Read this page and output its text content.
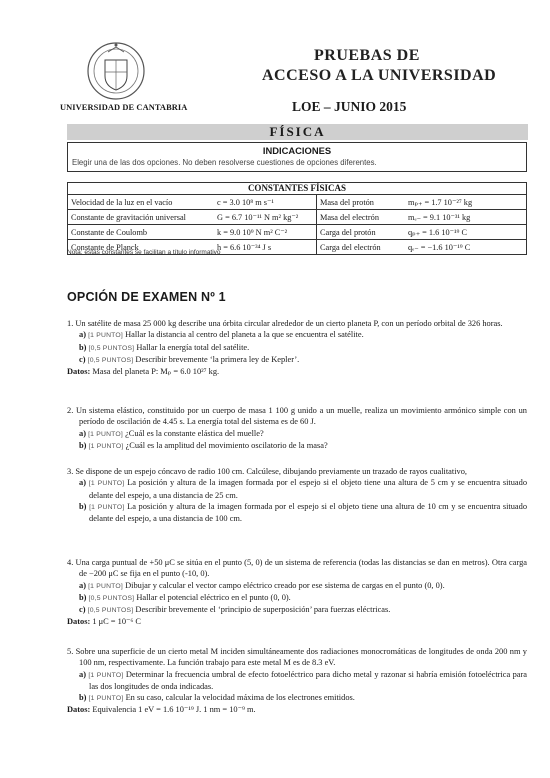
UNIVERSIDAD DE CANTABRIA
PRUEBAS DE
ACCESO A LA UNIVERSIDAD
LOE – JUNIO 2015
FÍSICA
INDICACIONES
Elegir una de las dos opciones. No deben resolverse cuestiones de opciones diferentes.
CONSTANTES FÍSICAS			
Velocidad de la luz en el vacío	c = 3.0 10⁸ m s⁻¹	Masa del protón	mₚ₊ = 1.7 10⁻²⁷ kg
Constante de gravitación universal	G = 6.7 10⁻¹¹ N m² kg⁻²	Masa del electrón	mₑ₋ = 9.1 10⁻³¹ kg
Constante de Coulomb	k = 9.0 10⁹ N m² C⁻²	Carga del protón	qₚ₊ = 1.6 10⁻¹⁹ C
Constante de Planck	h = 6.6 10⁻³⁴ J s	Carga del electrón	qₑ₋ = −1.6 10⁻¹⁹ C
Nota: estas constantes se facilitan a título informativo
OPCIÓN DE EXAMEN Nº 1

1. Un satélite de masa 25 000 kg describe una órbita circular alrededor de un cierto planeta P, con un período orbital de 326 horas.

a) [1 PUNTO] Hallar la distancia al centro del planeta a la que se encuentra el satélite.

b) [0,5 PUNTOS] Hallar la energía total del satélite.

c) [0,5 PUNTOS] Describir brevemente ‘la primera ley de Kepler’.

Datos: Masa del planeta P: Mₚ = 6.0 10²⁷ kg.

2. Un sistema elástico, constituido por un cuerpo de masa 1 100 g unido a un muelle, realiza un movimiento armónico simple con un período de oscilación de 4.45 s. La energía total del sistema es de 60 J.

a) [1 PUNTO] ¿Cuál es la constante elástica del muelle?

b) [1 PUNTO] ¿Cuál es la amplitud del movimiento oscilatorio de la masa?

3. Se dispone de un espejo cóncavo de radio 100 cm. Calcúlese, dibujando previamente un trazado de rayos cualitativo,

a) [1 PUNTO] La posición y altura de la imagen formada por el espejo si el objeto tiene una altura de 5 cm y se encuentra situado delante del espejo, a una distancia de 25 cm.

b) [1 PUNTO] La posición y altura de la imagen formada por el espejo si el objeto tiene una altura de 10 cm y se encuentra situado delante del espejo, a una distancia de 100 cm.

4. Una carga puntual de +50 μC se sitúa en el punto (5, 0) de un sistema de referencia (todas las distancias se dan en metros). Otra carga de −200 μC se fija en el punto (-10, 0).

a) [1 PUNTO] Dibujar y calcular el vector campo eléctrico creado por ese sistema de cargas en el punto (0, 0).

b) [0,5 PUNTOS] Hallar el potencial eléctrico en el punto (0, 0).

c) [0,5 PUNTOS] Describir brevemente el ‘principio de superposición’ para fuerzas eléctricas.

Datos: 1 μC = 10⁻⁶ C

5. Sobre una superficie de un cierto metal M inciden simultáneamente dos radiaciones monocromáticas de longitudes de onda 200 nm y 100 nm, respectivamente. La función trabajo para este metal M es de 8.3 eV.

a) [1 PUNTO] Determinar la frecuencia umbral de efecto fotoeléctrico para dicho metal y razonar si habría emisión fotoeléctrica para las dos longitudes de onda indicadas.

b) [1 PUNTO] En su caso, calcular la velocidad máxima de los electrones emitidos.

Datos: Equivalencia 1 eV = 1.6 10⁻¹⁹ J. 1 nm = 10⁻⁹ m.
